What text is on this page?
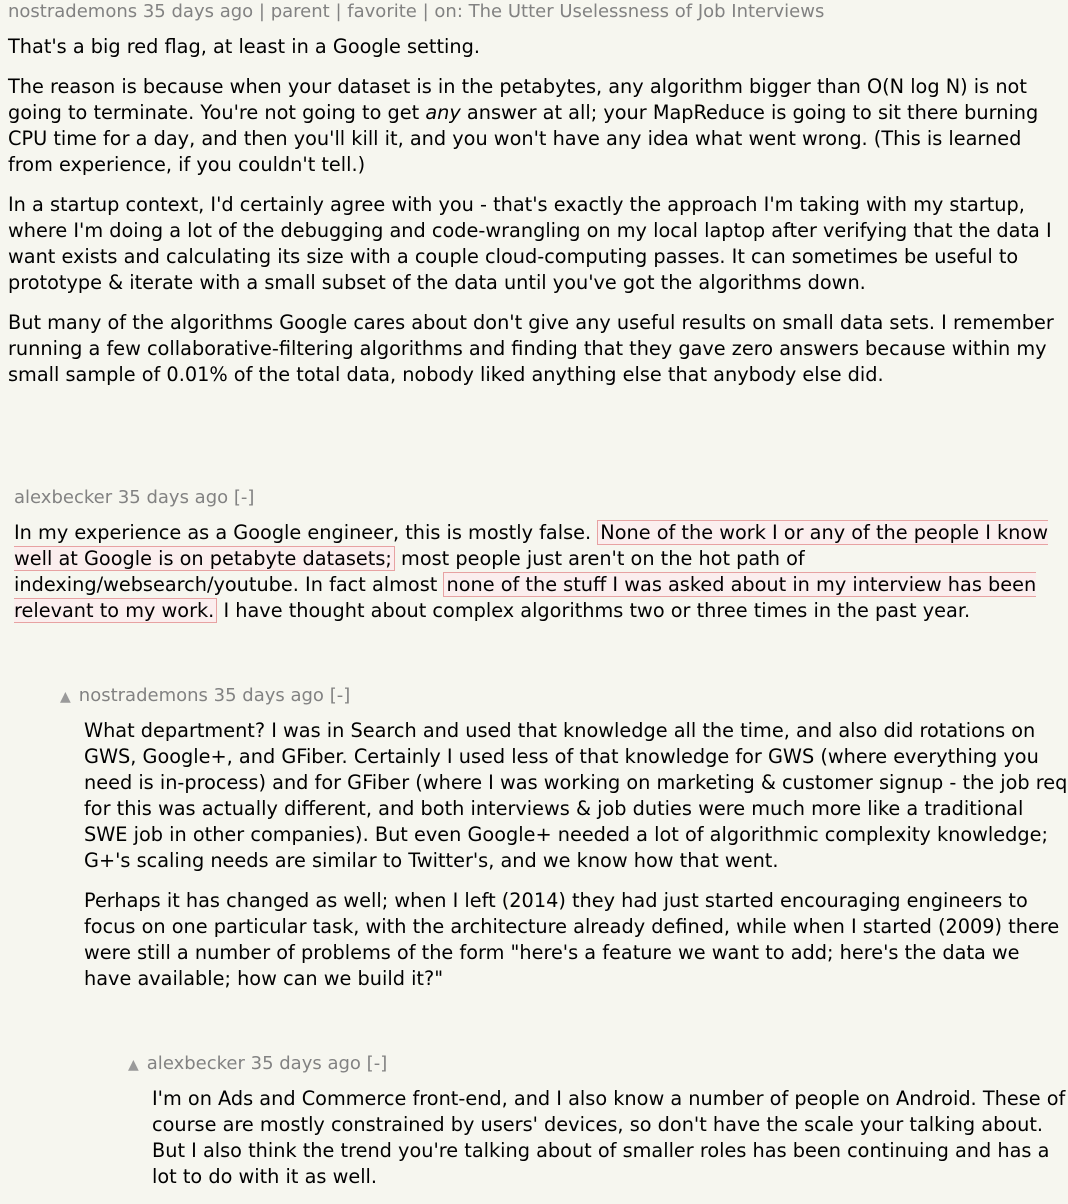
nostrademons 35 days ago | parent | favorite | on: The Utter Uselessness of Job Interviews

That's a big red flag, at least in a Google setting.

The reason is because when your dataset is in the petabytes, any algorithm bigger than O(N log N) is not going to terminate. You're not going to get any answer at all; your MapReduce is going to sit there burning CPU time for a day, and then you'll kill it, and you won't have any idea what went wrong. (This is learned from experience, if you couldn't tell.)

In a startup context, I'd certainly agree with you - that's exactly the approach I'm taking with my startup, where I'm doing a lot of the debugging and code-wrangling on my local laptop after verifying that the data I want exists and calculating its size with a couple cloud-computing passes. It can sometimes be useful to prototype & iterate with a small subset of the data until you've got the algorithms down.

But many of the algorithms Google cares about don't give any useful results on small data sets. I remember running a few collaborative-filtering algorithms and finding that they gave zero answers because within my small sample of 0.01% of the total data, nobody liked anything else that anybody else did.

alexbecker 35 days ago [-]

In my experience as a Google engineer, this is mostly false. None of the work I or any of the people I know well at Google is on petabyte datasets; most people just aren't on the hot path of indexing/websearch/youtube. In fact almost none of the stuff I was asked about in my interview has been relevant to my work. I have thought about complex algorithms two or three times in the past year.

▲ nostrademons 35 days ago [-]

What department? I was in Search and used that knowledge all the time, and also did rotations on GWS, Google+, and GFiber. Certainly I used less of that knowledge for GWS (where everything you need is in-process) and for GFiber (where I was working on marketing & customer signup - the job req for this was actually different, and both interviews & job duties were much more like a traditional SWE job in other companies). But even Google+ needed a lot of algorithmic complexity knowledge; G+'s scaling needs are similar to Twitter's, and we know how that went.

Perhaps it has changed as well; when I left (2014) they had just started encouraging engineers to focus on one particular task, with the architecture already defined, while when I started (2009) there were still a number of problems of the form "here's a feature we want to add; here's the data we have available; how can we build it?"

▲ alexbecker 35 days ago [-]

I'm on Ads and Commerce front-end, and I also know a number of people on Android. These of course are mostly constrained by users' devices, so don't have the scale your talking about. But I also think the trend you're talking about of smaller roles has been continuing and has a lot to do with it as well.
